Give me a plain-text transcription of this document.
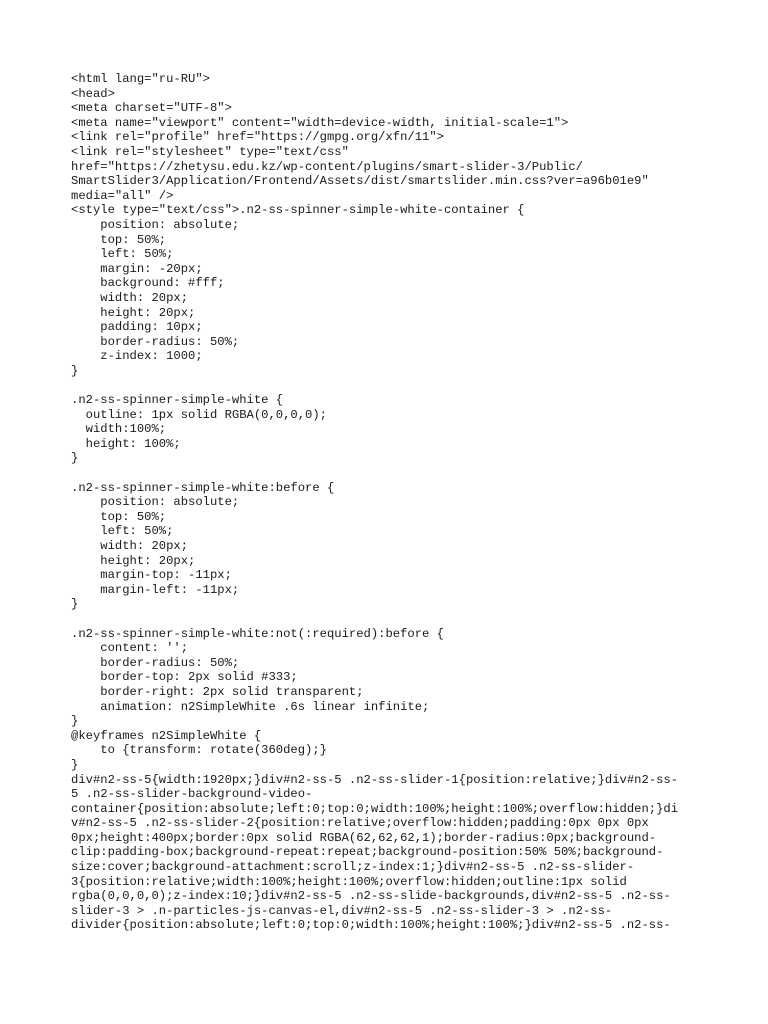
<html lang="ru-RU">
<head>
<meta charset="UTF-8">
<meta name="viewport" content="width=device-width, initial-scale=1">
<link rel="profile" href="https://gmpg.org/xfn/11">
<link rel="stylesheet" type="text/css"
href="https://zhetysu.edu.kz/wp-content/plugins/smart-slider-3/Public/
SmartSlider3/Application/Frontend/Assets/dist/smartslider.min.css?ver=a96b01e9"
media="all" />
<style type="text/css">.n2-ss-spinner-simple-white-container {
position: absolute;
top: 50%;
left: 50%;
margin: -20px;
background: #fff;
width: 20px;
height: 20px;
padding: 10px;
border-radius: 50%;
z-index: 1000;
}
.n2-ss-spinner-simple-white {
outline: 1px solid RGBA(0,0,0,0);
width:100%;
height: 100%;
}
.n2-ss-spinner-simple-white:before {
position: absolute;
top: 50%;
left: 50%;
width: 20px;
height: 20px;
margin-top: -11px;
margin-left: -11px;
}
.n2-ss-spinner-simple-white:not(:required):before {
content: '';
border-radius: 50%;
border-top: 2px solid #333;
border-right: 2px solid transparent;
animation: n2SimpleWhite .6s linear infinite;
}
@keyframes n2SimpleWhite {
to {transform: rotate(360deg);}
}
div#n2-ss-5{width:1920px;}div#n2-ss-5 .n2-ss-slider-1{position:relative;}div#n2-ss-
5 .n2-ss-slider-background-video-
container{position:absolute;left:0;top:0;width:100%;height:100%;overflow:hidden;}di
v#n2-ss-5 .n2-ss-slider-2{position:relative;overflow:hidden;padding:0px 0px 0px
0px;height:400px;border:0px solid RGBA(62,62,62,1);border-radius:0px;background-
clip:padding-box;background-repeat:repeat;background-position:50% 50%;background-
size:cover;background-attachment:scroll;z-index:1;}div#n2-ss-5 .n2-ss-slider-
3{position:relative;width:100%;height:100%;overflow:hidden;outline:1px solid
rgba(0,0,0,0);z-index:10;}div#n2-ss-5 .n2-ss-slide-backgrounds,div#n2-ss-5 .n2-ss-
slider-3 > .n-particles-js-canvas-el,div#n2-ss-5 .n2-ss-slider-3 > .n2-ss-
divider{position:absolute;left:0;top:0;width:100%;height:100%;}div#n2-ss-5 .n2-ss-
